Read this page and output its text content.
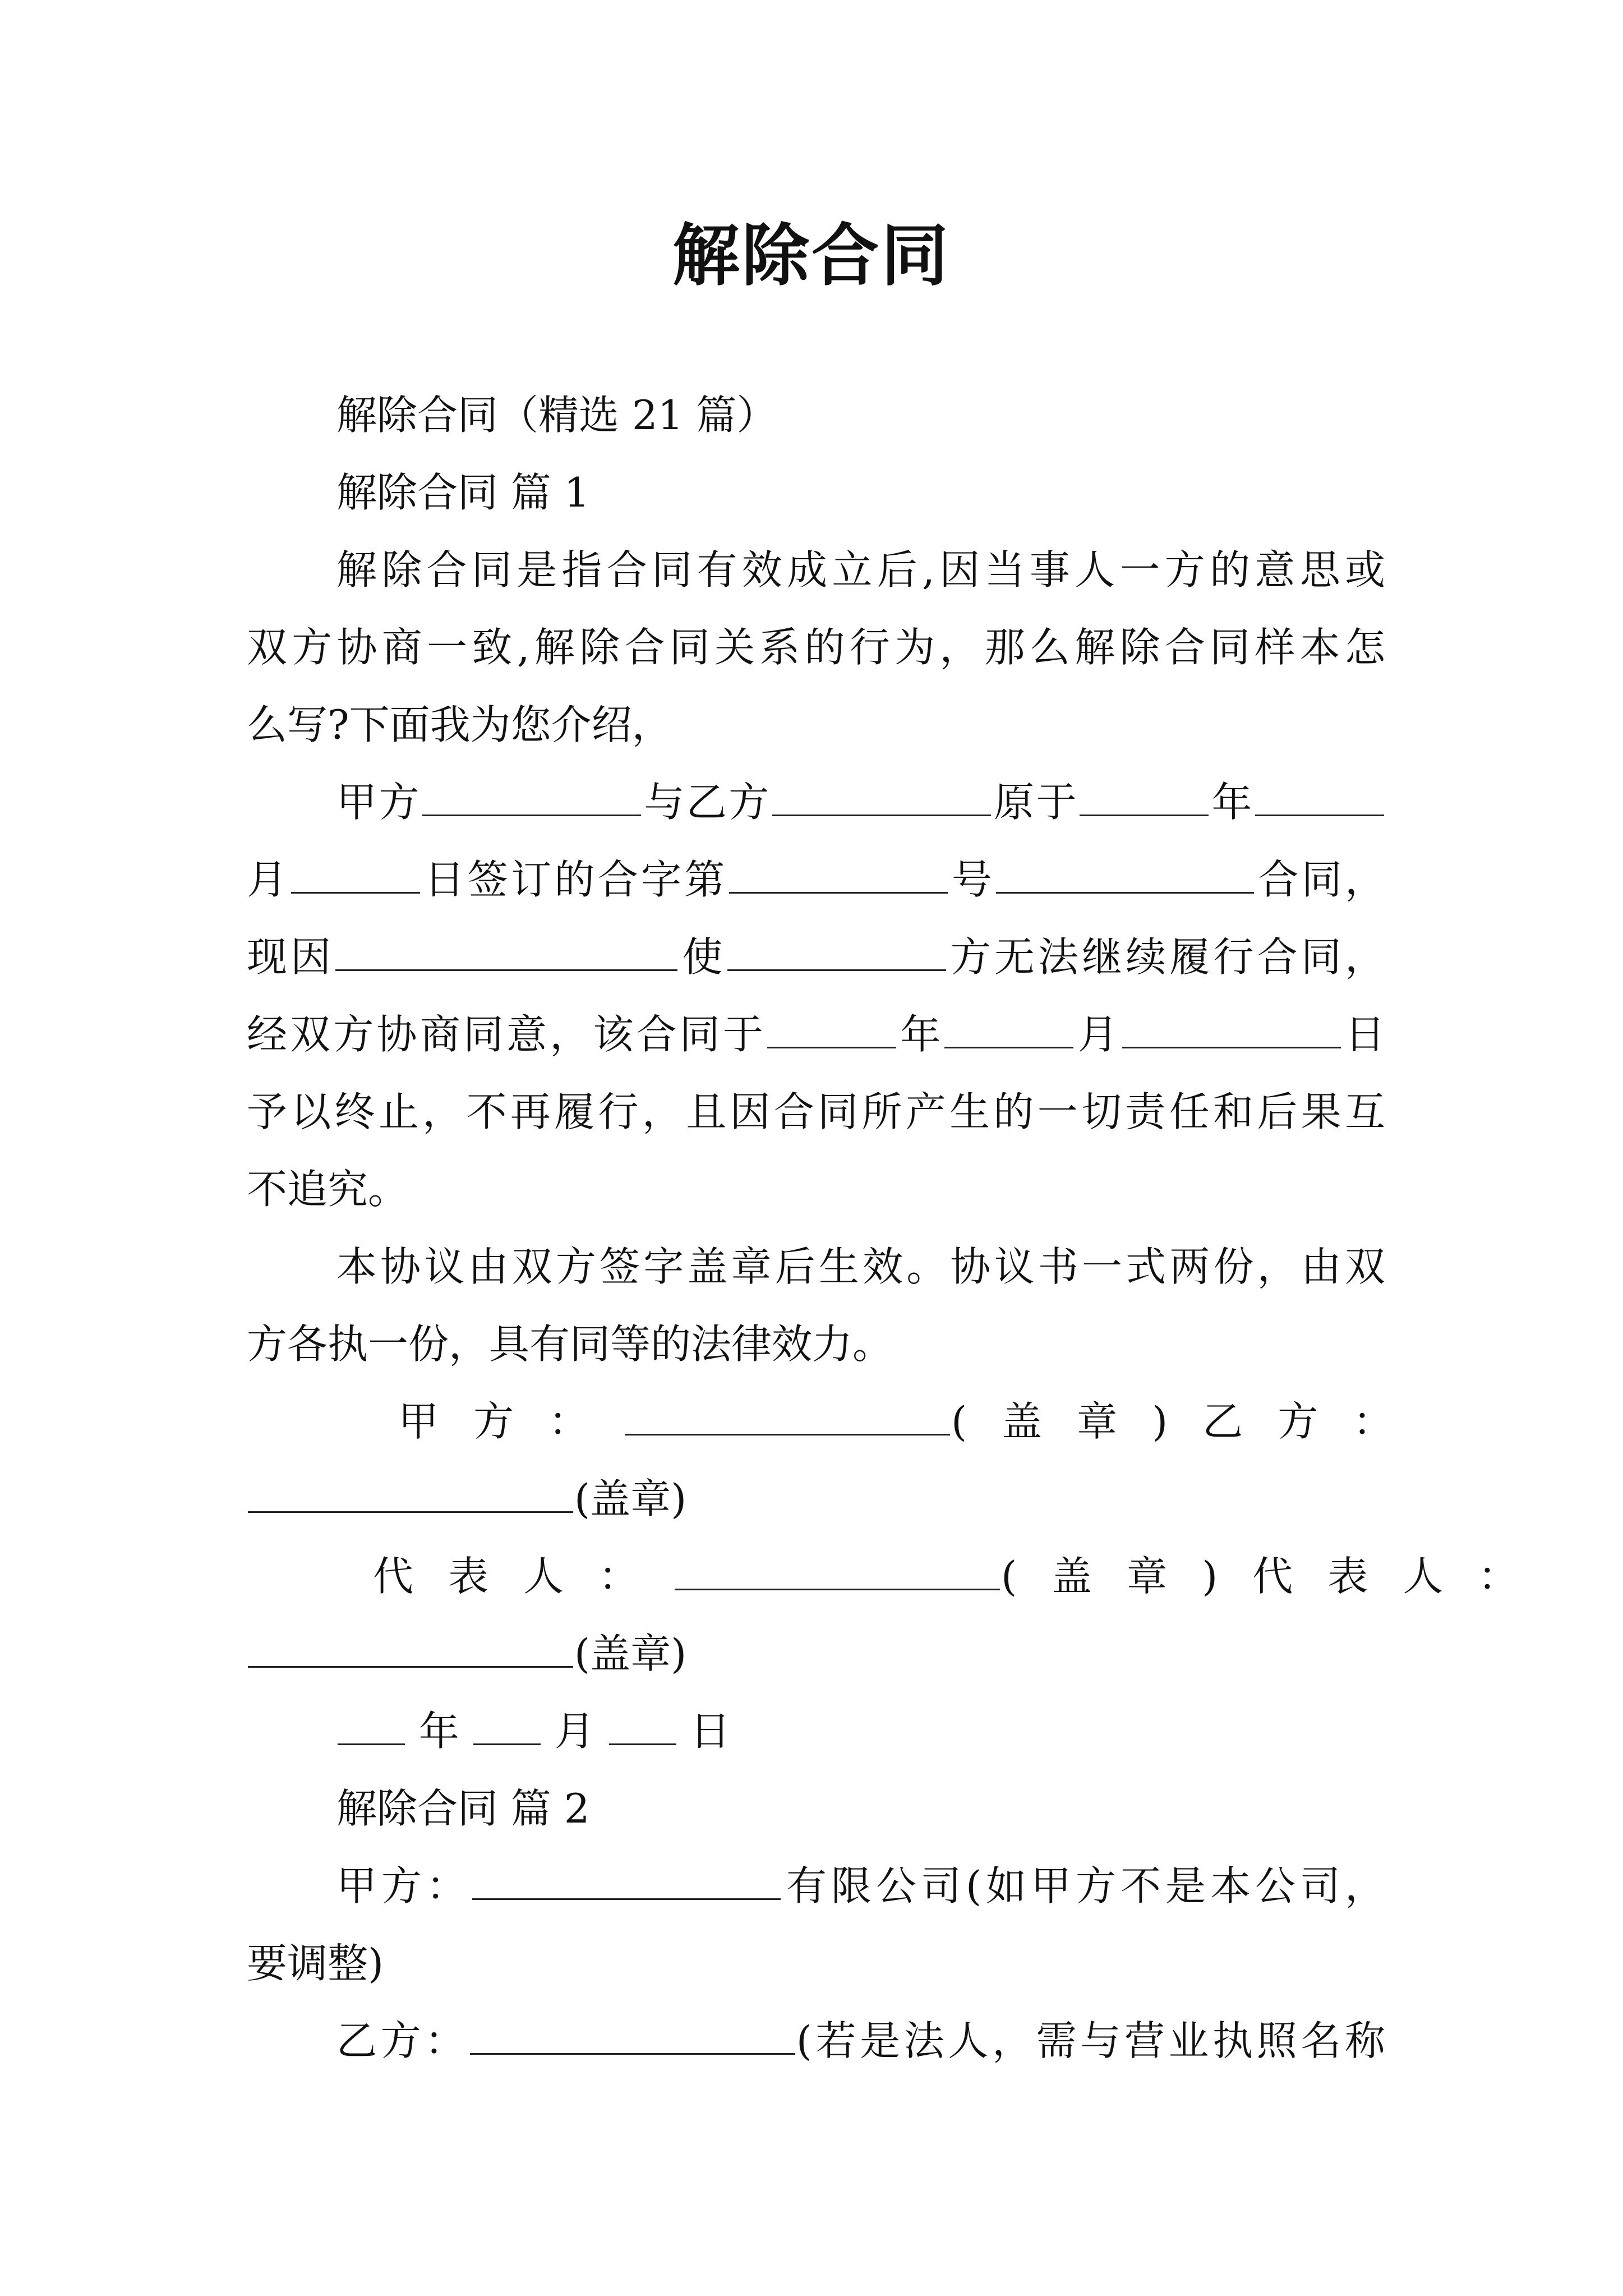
解除合同
解除合同（精选 21 篇）
解除合同 篇 1
解除合同是指合同有效成立后,因当事人一方的意思或
双方协商一致,解除合同关系的行为，那么解除合同样本怎
么写?下面我为您介绍，
甲方	与乙方	原于	年
月	日签订的合字第	号	合同，
现因	使	方无法继续履行合同，
经双方协商同意，该合同于	年	月	日
予以终止，不再履行，且因合同所产生的一切责任和后果互
不追究。
本协议由双方签字盖章后生效。协议书一式两份，由双
方各执一份，具有同等的法律效力。
甲方：	(盖章)乙方：
(盖章)
代表人：	(盖章)代表人：
(盖章)
年 月 日
解除合同 篇 2
甲方：	有限公司(如甲方不是本公司，
要调整)
乙方：	(若是法人，需与营业执照名称
